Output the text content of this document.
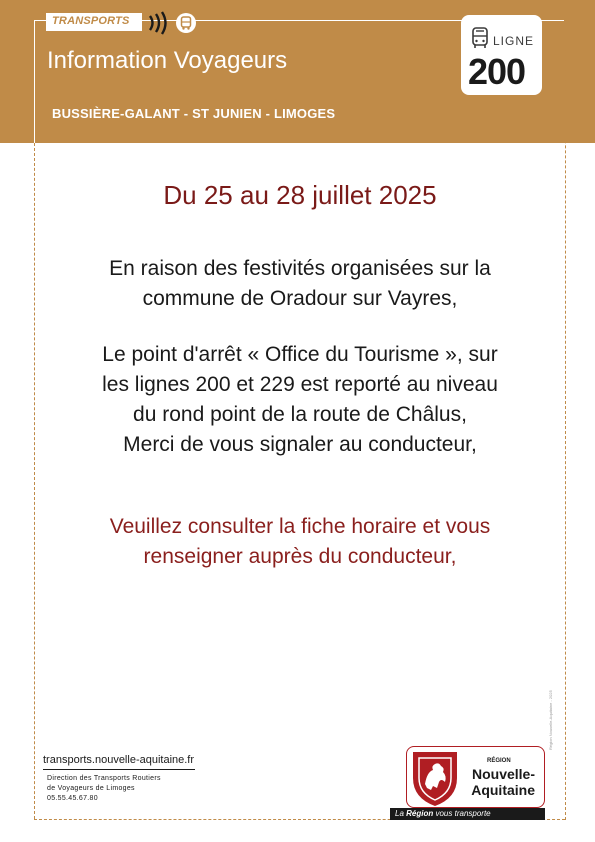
TRANSPORTS
Information Voyageurs
BUSSIÈRE-GALANT - ST JUNIEN - LIMOGES
LIGNE
200
Du 25 au 28 juillet 2025
En raison des festivités organisées sur la
commune de Oradour sur Vayres,
Le point d'arrêt « Office du Tourisme », sur
les lignes 200 et 229 est reporté au niveau
du rond point de la route de Châlus,
Merci de vous signaler au conducteur,
Veuillez consulter la fiche horaire et vous
renseigner auprès du conducteur,
Région Nouvelle-Aquitaine - 2025
transports.nouvelle-aquitaine.fr
Direction des Transports Routiers
de Voyageurs de Limoges
05.55.45.67.80
RÉGION
Nouvelle-
Aquitaine
La Région vous transporte
